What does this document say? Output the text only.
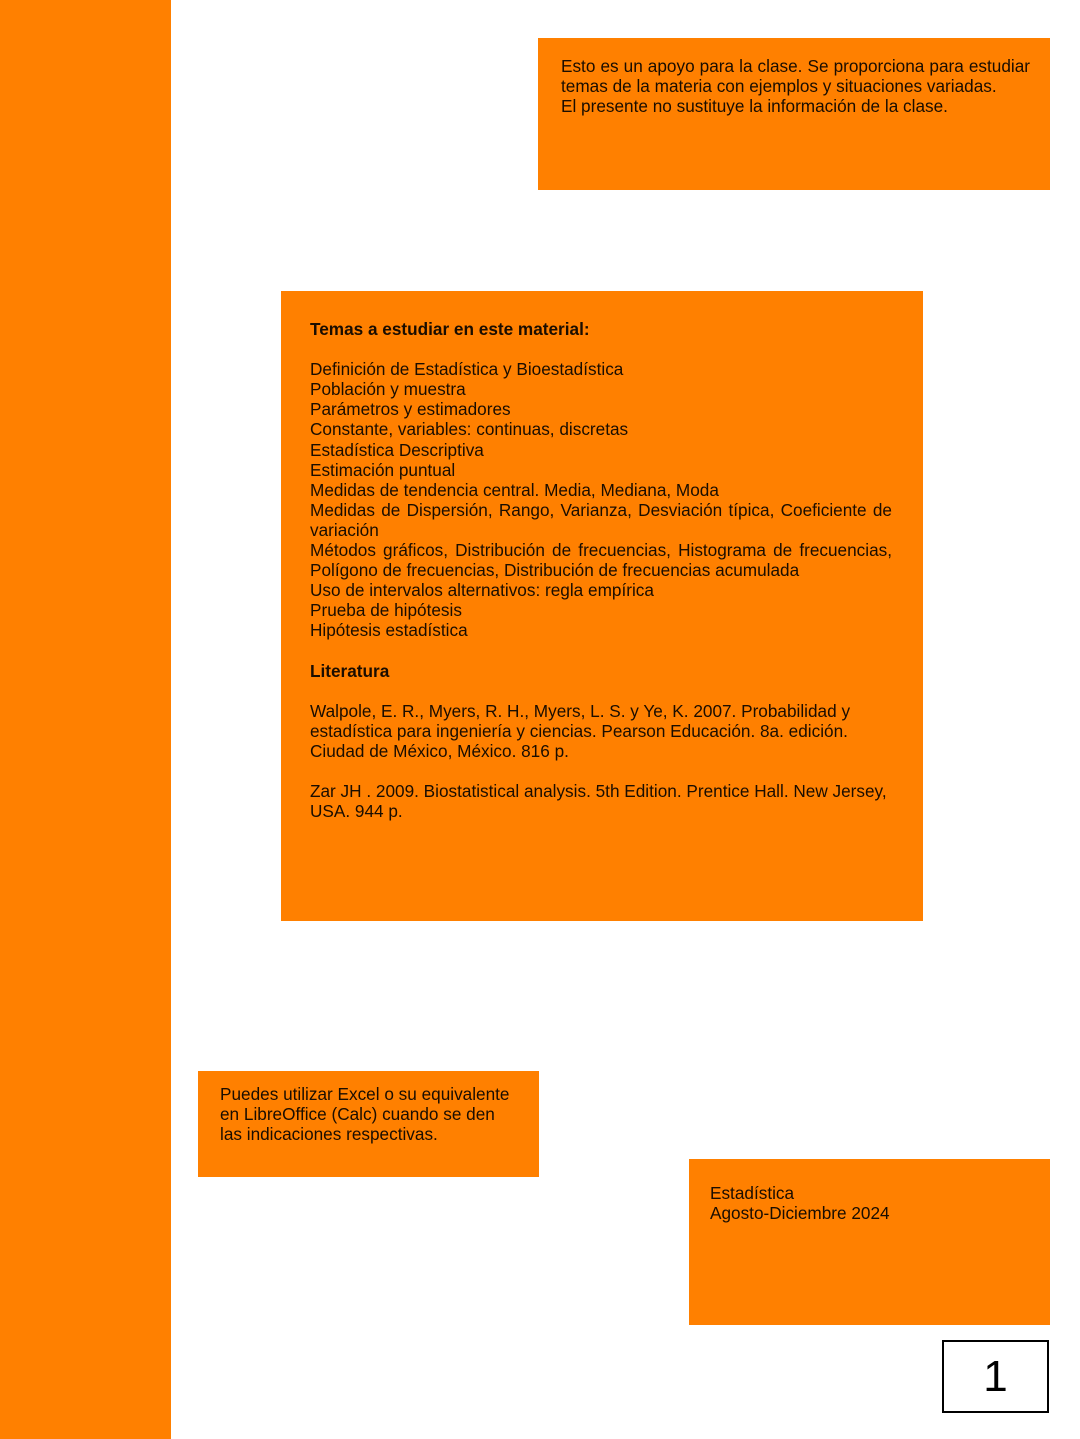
Esto es un apoyo para la clase. Se proporciona para estudiar temas de la materia con ejemplos y situaciones variadas.

El presente no sustituye la información de la clase.

Temas a estudiar en este material:

Definición de Estadística y Bioestadística

Población y muestra

Parámetros y estimadores

Constante, variables: continuas, discretas

Estadística Descriptiva

Estimación puntual

Medidas de tendencia central. Media, Mediana, Moda

Medidas de Dispersión, Rango, Varianza, Desviación típica, Coeficiente de variación

Métodos gráficos, Distribución de frecuencias, Histograma de frecuencias, Polígono de frecuencias, Distribución de frecuencias acumulada

Uso de intervalos alternativos: regla empírica

Prueba de hipótesis

Hipótesis estadística

Literatura

Walpole, E. R., Myers, R. H., Myers, L. S. y Ye, K. 2007. Probabilidad y estadística para ingeniería y ciencias. Pearson Educación. 8a. edición. Ciudad de México, México. 816 p.

Zar JH . 2009. Biostatistical analysis. 5th Edition. Prentice Hall. New Jersey, USA. 944 p.

Puedes utilizar Excel o su equivalente en LibreOffice (Calc) cuando se den las indicaciones respectivas.

Estadística

Agosto-Diciembre 2024

1
